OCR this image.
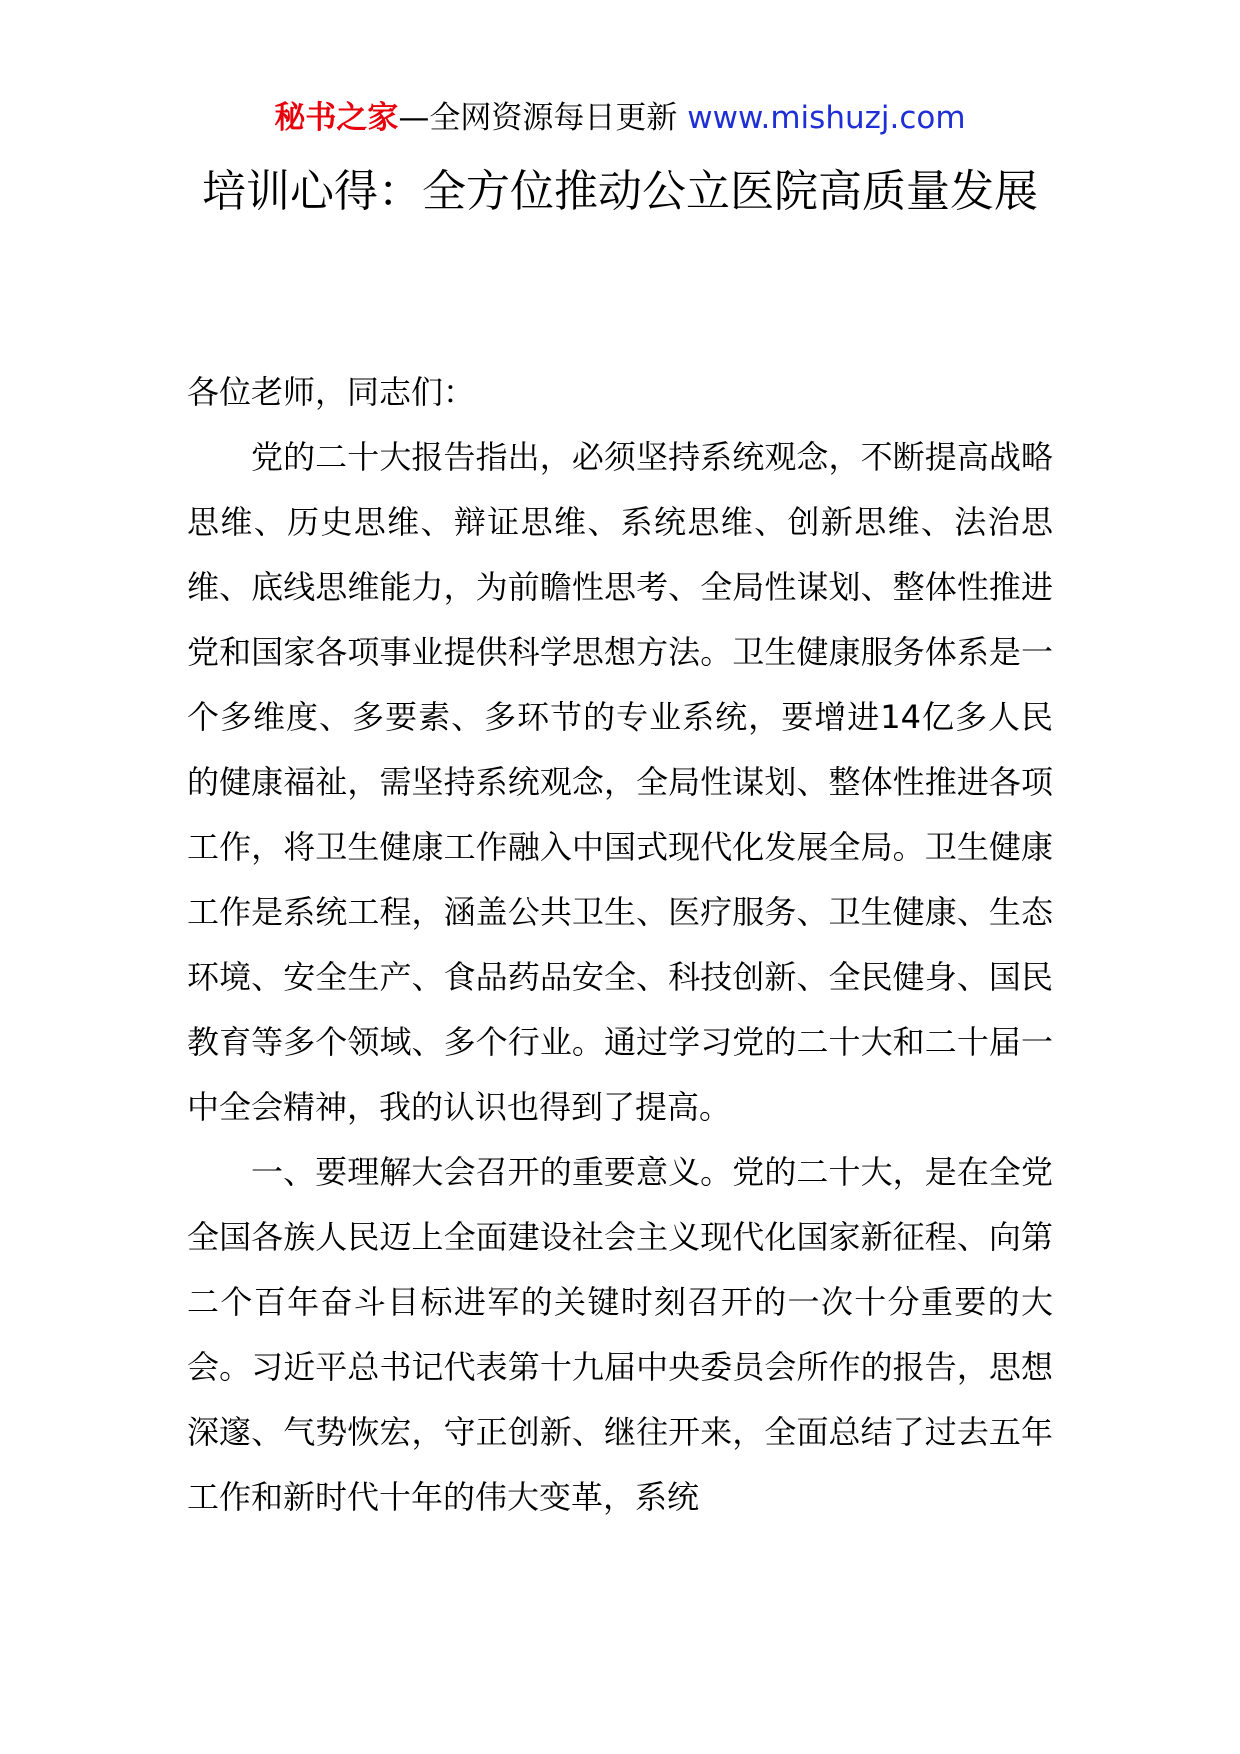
秘书之家—全网资源每日更新 www.mishuzj.com
培训心得：全方位推动公立医院高质量发展

各位老师，同志们：

党的二十大报告指出，必须坚持系统观念，不断提高战略思维、历史思维、辩证思维、系统思维、创新思维、法治思维、底线思维能力，为前瞻性思考、全局性谋划、整体性推进党和国家各项事业提供科学思想方法。卫生健康服务体系是一个多维度、多要素、多环节的专业系统，要增进14亿多人民的健康福祉，需坚持系统观念，全局性谋划、整体性推进各项工作，将卫生健康工作融入中国式现代化发展全局。卫生健康工作是系统工程，涵盖公共卫生、医疗服务、卫生健康、生态环境、安全生产、食品药品安全、科技创新、全民健身、国民教育等多个领域、多个行业。通过学习党的二十大和二十届一中全会精神，我的认识也得到了提高。

一、要理解大会召开的重要意义。党的二十大，是在全党全国各族人民迈上全面建设社会主义现代化国家新征程、向第二个百年奋斗目标进军的关键时刻召开的一次十分重要的大会。习近平总书记代表第十九届中央委员会所作的报告，思想深邃、气势恢宏，守正创新、继往开来，全面总结了过去五年工作和新时代十年的伟大变革，系统
